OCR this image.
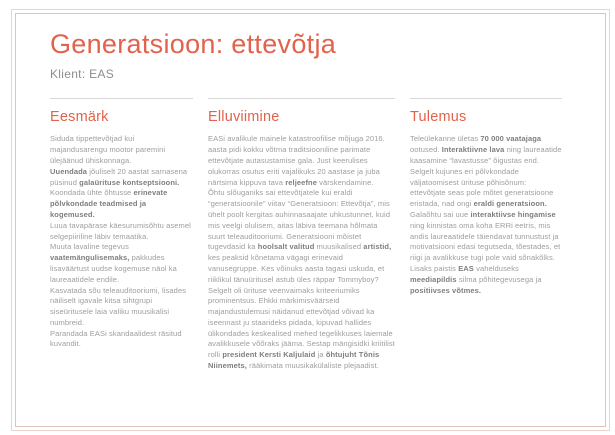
Generatsioon: ettevõtja
Klient: EAS
Eesmärk

Siduda tippettevõtjad kui majandusarengu mootor paremini ülejäänud ühiskonnaga.

Uuendada jõuliselt 20 aastat sarnasena püsinud galaürituse kontseptsiooni.

Koondada ühte õhtusse erinevate põlvkondade teadmised ja kogemused.

Luua tavapärase käesurumisõhtu asemel selgepiiriline läbiv temaatika.

Muuta lavaline tegevus vaatemängulisemaks, pakkudes lisaväärtust uudse kogemuse näol ka laureaatidele endile.

Kasvatada sõu teleauditooriumi, lisades näiliselt igavale kitsa sihtgrupi siseüritusele laia valiku muusikalisi numbreid.

Parandada EASi skandaalidest räsitud kuvandit.

Elluviimine

EASi avalikule mainele katastroofilise mõjuga 2016. aasta pidi kokku võtma traditsiooniline parimate ettevõtjate autasustamise gala. Just keerulises olukorras osutus eriti vajalikuks 20 aastase ja juba närtsima kippuva tava reljeefne värskendamine.

Õhtu slõuganiks sai ettevõtjatele kui eraldi “generatsioonile” viitav “Generatsioon: Ettevõtja”, mis ühelt poolt kergitas auhinnasaajate uhkustunnet, kuid mis veelgi olulisem, aitas läbiva teemana hõlmata suurt teleauditooriumi. Generatsiooni mõistet tugevdasid ka hoolsalt valitud muusikalised artistid, kes peaksid kõnetama vägagi erinevaid vanusegruppe. Kes võinuks aasta tagasi uskuda, et riiklikul tänuüritusel astub üles räppar Tommyboy?

Selgelt oli ürituse veenvaimaks kriteeriumiks prominentsus. Ehkki märkimisväärseid majandustulemusi näidanud ettevõtjad võivad ka iseennast ju staarideks pidada, kipuvad hallides ülikondades keskealised mehed tegelikkuses laiemale avalikkusele võõraks jääma. Sestap mängisidki kriitilist rolli president Kersti Kaljulaid ja õhtujuht Tõnis Niinemets, rääkimata muusikakülaliste plejaadist.

Tulemus

Teleülekanne ületas 70 000 vaatajaga ootused. Interaktiivne lava ning laureaatide kaasamine “lavastusse” õigustas end. Selgelt kujunes eri põlvkondade väljatoomisest ürituse põhisõnum: ettevõtjate seas pole mõtet generatsioone eristada, nad ongi eraldi generatsioon.

Galaõhtu sai uue interaktiivse hingamise ning kinnistas oma koha ERRi eetris, mis andis laureaatidele täiendavat tunnustust ja motivatsiooni edasi tegutseda, tõestades, et riigi ja avalikkuse tugi pole vaid sõnakõlks. Lisaks paistis EAS vahelduseks meediapildis silma põhitegevusega ja positiivses võtmes.
